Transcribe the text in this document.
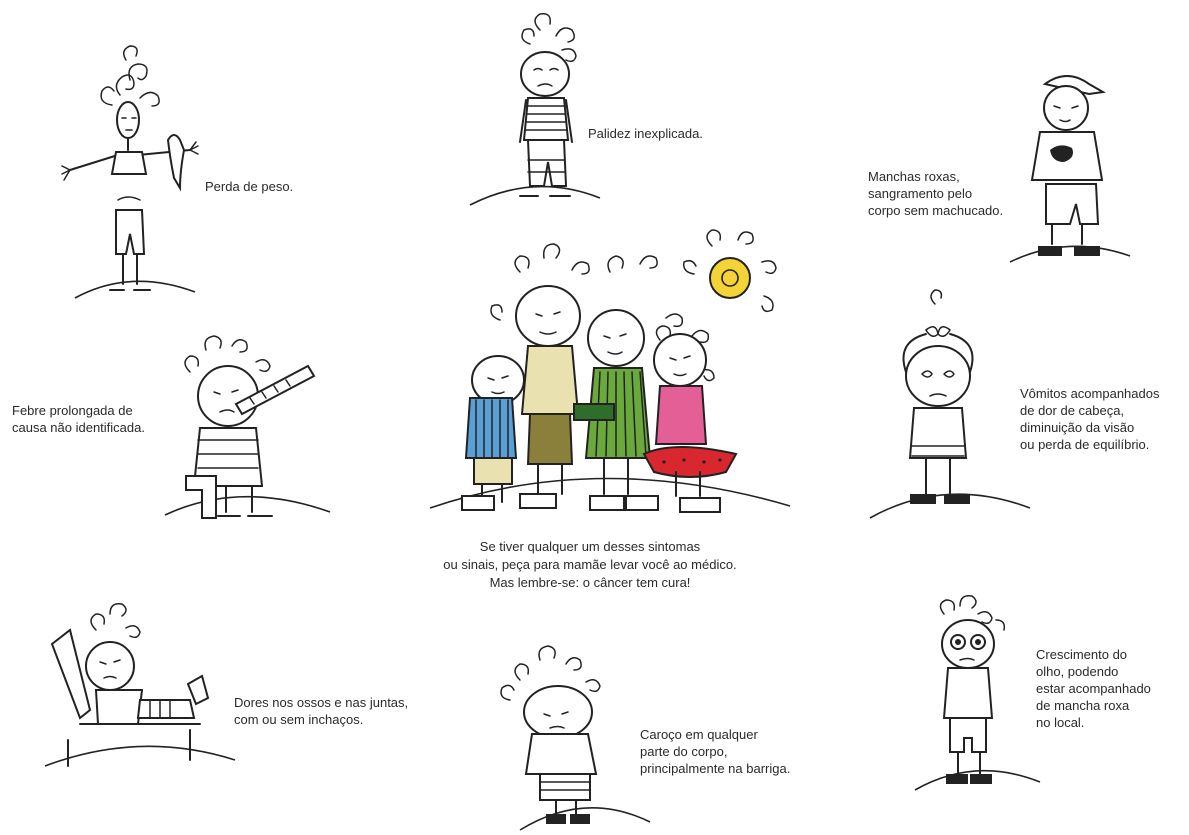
Perda de peso.
Palidez inexplicada.
Manchas roxas,
sangramento pelo
corpo sem machucado.
Febre prolongada de
causa não identificada.
Vômitos acompanhados
de dor de cabeça,
diminuição da visão
ou perda de equilíbrio.
Dores nos ossos e nas juntas,
com ou sem inchaços.
Caroço em qualquer
parte do corpo,
principalmente na barriga.
Crescimento do
olho, podendo
estar acompanhado
de mancha roxa
no local.
Se tiver qualquer um desses sintomas
ou sinais, peça para mamãe levar você ao médico.
Mas lembre-se: o câncer tem cura!
